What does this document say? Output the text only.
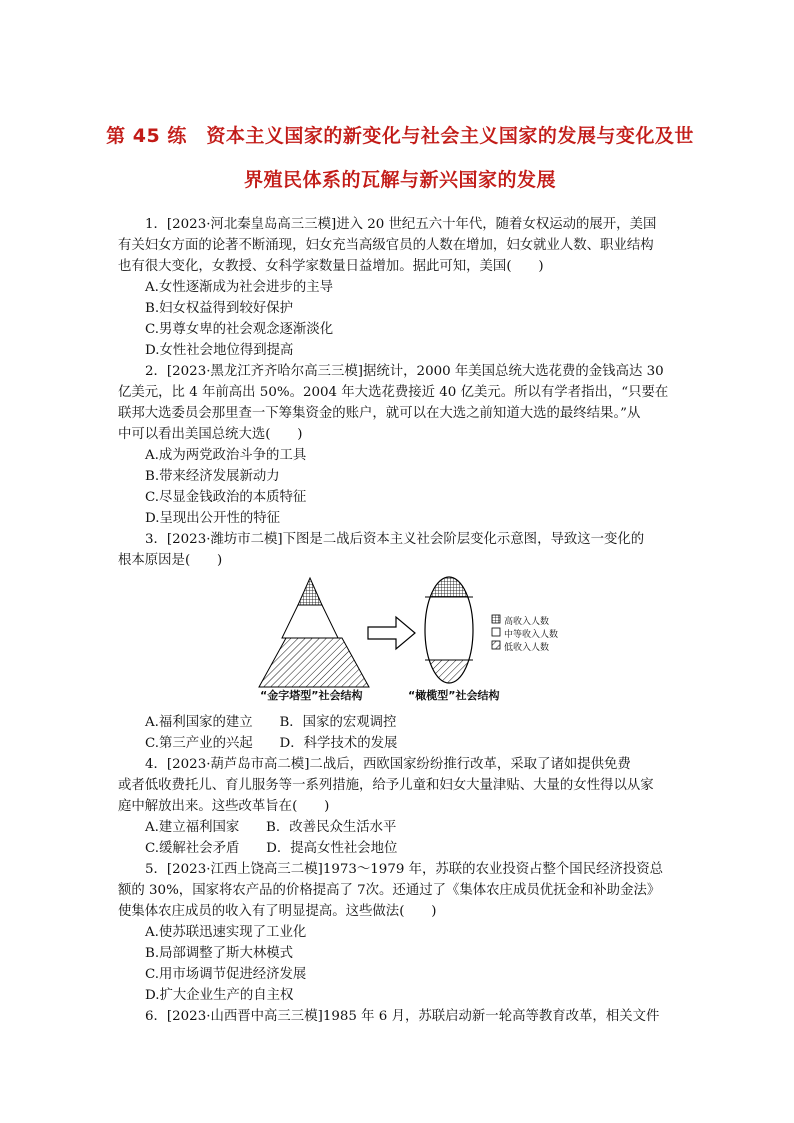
第 45 练　资本主义国家的新变化与社会主义国家的发展与变化及世
界殖民体系的瓦解与新兴国家的发展
1．[2023·河北秦皇岛高三三模]进入 20 世纪五六十年代，随着女权运动的展开，美国
有关妇女方面的论著不断涌现，妇女充当高级官员的人数在增加，妇女就业人数、职业结构
也有很大变化，女教授、女科学家数量日益增加。据此可知，美国(　　)
A.女性逐渐成为社会进步的主导
B.妇女权益得到较好保护
C.男尊女卑的社会观念逐渐淡化
D.女性社会地位得到提高
2．[2023·黑龙江齐齐哈尔高三三模]据统计，2000 年美国总统大选花费的金钱高达 30
亿美元，比 4 年前高出 50%。2004 年大选花费接近 40 亿美元。所以有学者指出，“只要在
联邦大选委员会那里查一下筹集资金的账户，就可以在大选之前知道大选的最终结果。”从
中可以看出美国总统大选(　　)
A.成为两党政治斗争的工具
B.带来经济发展新动力
C.尽显金钱政治的本质特征
D.呈现出公开性的特征
3．[2023·潍坊市二模]下图是二战后资本主义社会阶层变化示意图，导致这一变化的
根本原因是(　　)
高收入人数
中等收入人数
低收入人数
“金字塔型”社会结构	“橄榄型”社会结构
A.福利国家的建立　　B．国家的宏观调控
C.第三产业的兴起　　D．科学技术的发展
4．[2023·葫芦岛市高二模]二战后，西欧国家纷纷推行改革，采取了诸如提供免费
或者低收费托儿、育儿服务等一系列措施，给予儿童和妇女大量津贴、大量的女性得以从家
庭中解放出来。这些改革旨在(　　)
A.建立福利国家　　B．改善民众生活水平
C.缓解社会矛盾　　D．提高女性社会地位
5．[2023·江西上饶高三二模]1973～1979 年，苏联的农业投资占整个国民经济投资总
额的 30%，国家将农产品的价格提高了 7次。还通过了《集体农庄成员优抚金和补助金法》
使集体农庄成员的收入有了明显提高。这些做法(　　)
A.使苏联迅速实现了工业化
B.局部调整了斯大林模式
C.用市场调节促进经济发展
D.扩大企业生产的自主权
6．[2023·山西晋中高三三模]1985 年 6 月，苏联启动新一轮高等教育改革，相关文件
